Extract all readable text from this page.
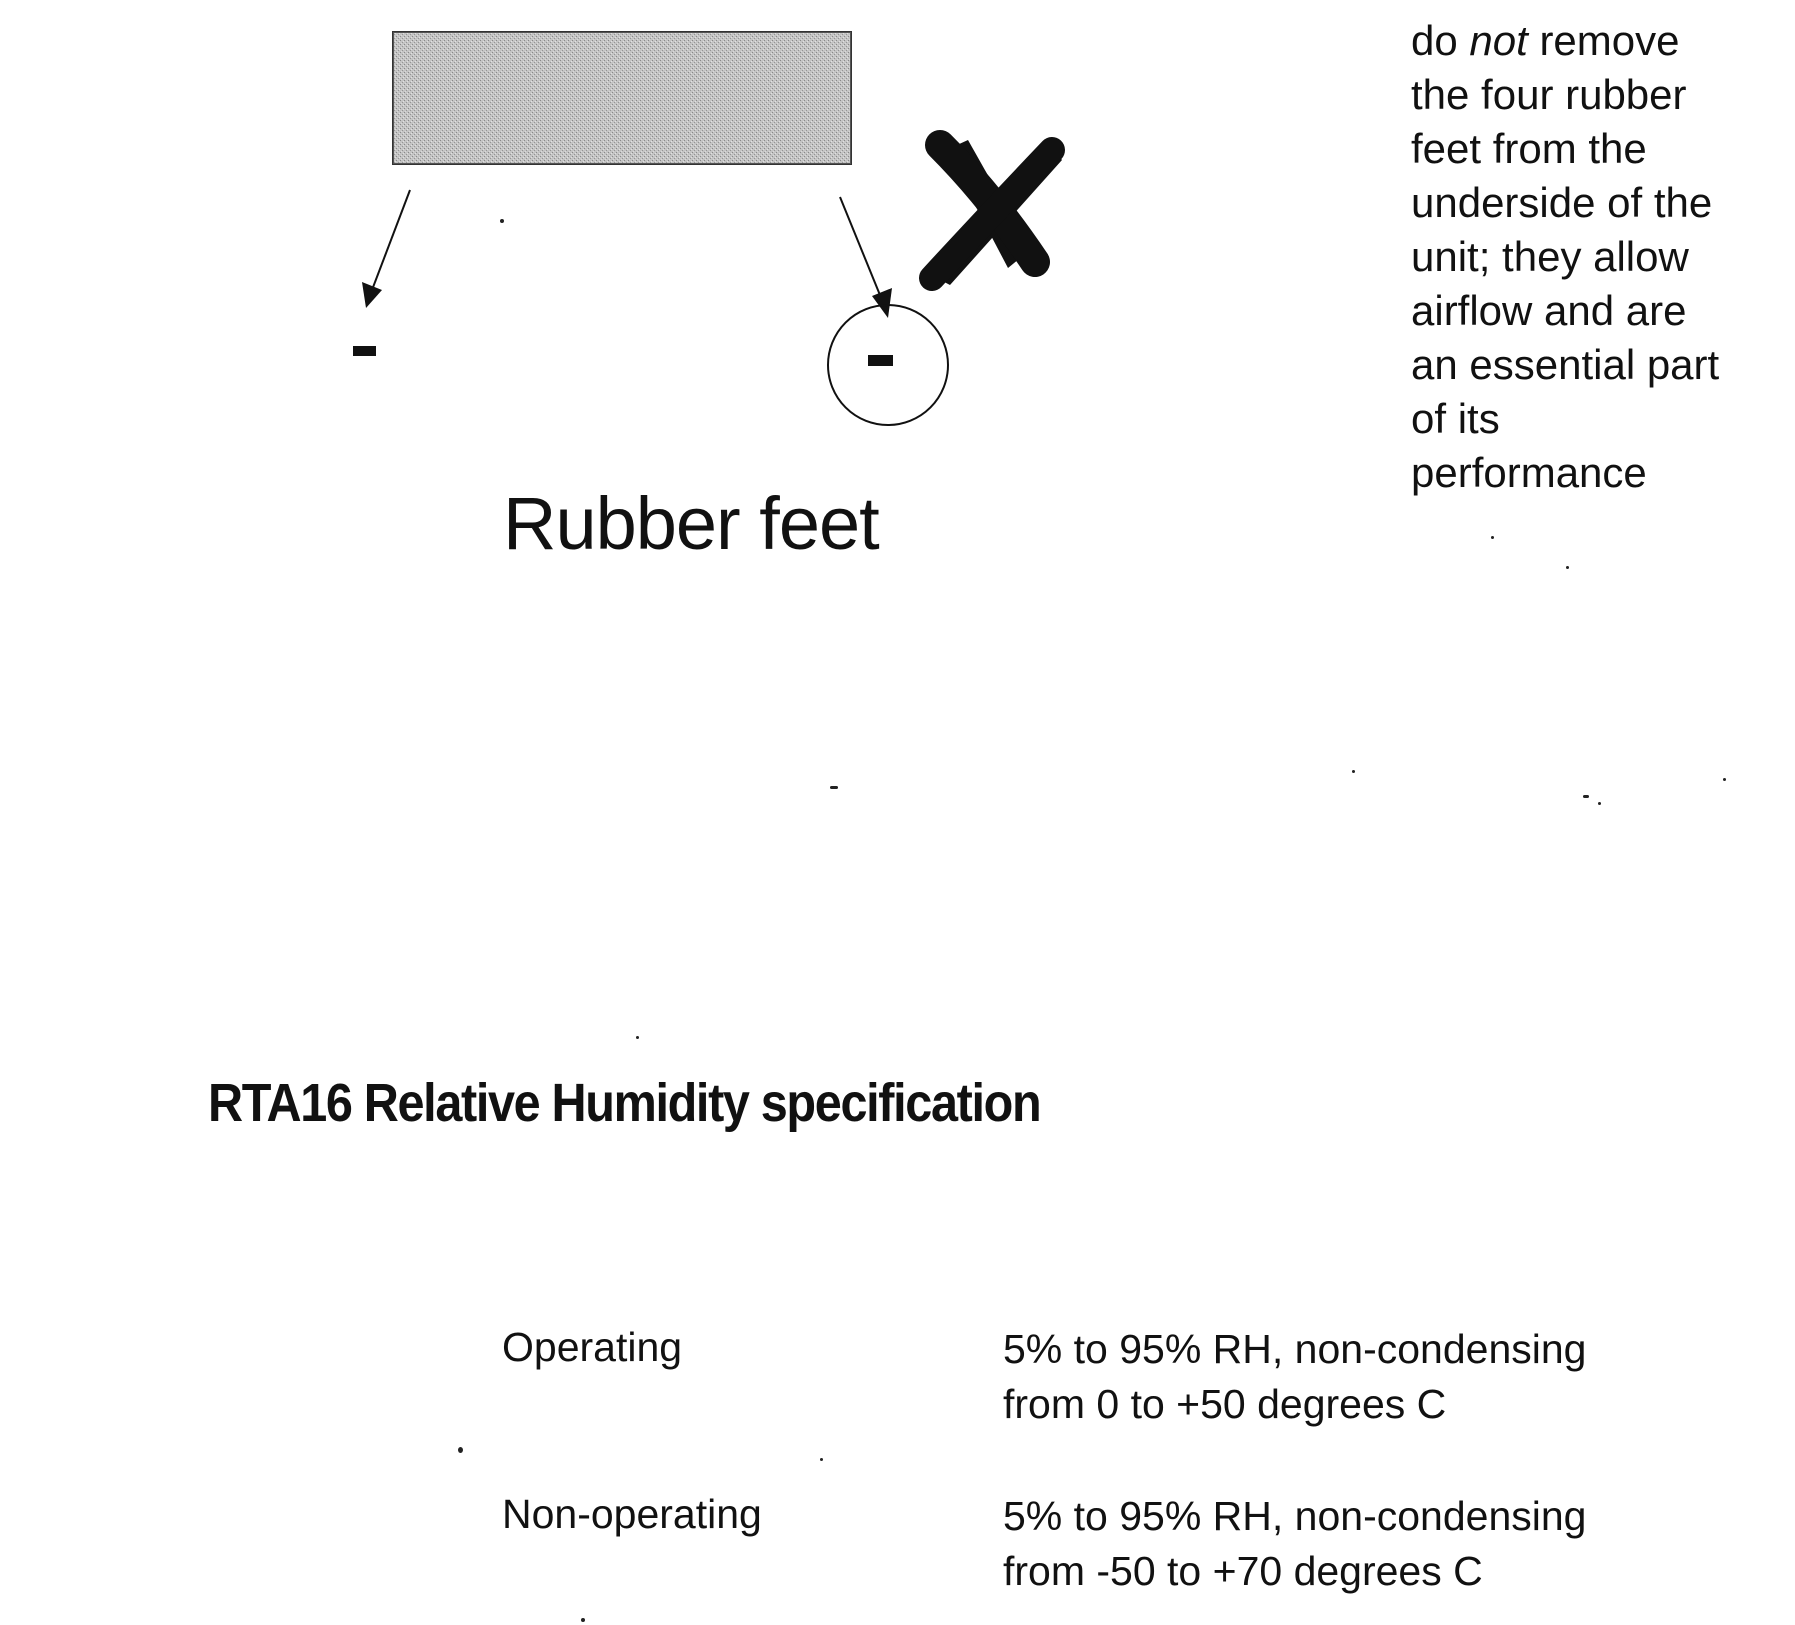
Rubber feet

do not remove

the four rubber

feet from the

underside of the

unit; they allow

airflow and are

an essential part

of its

performance

RTA16 Relative Humidity specification
Operating	5% to 95% RH, non-condensing
from 0 to +50 degrees C
Non-operating	5% to 95% RH, non-condensing
from -50 to +70 degrees C
